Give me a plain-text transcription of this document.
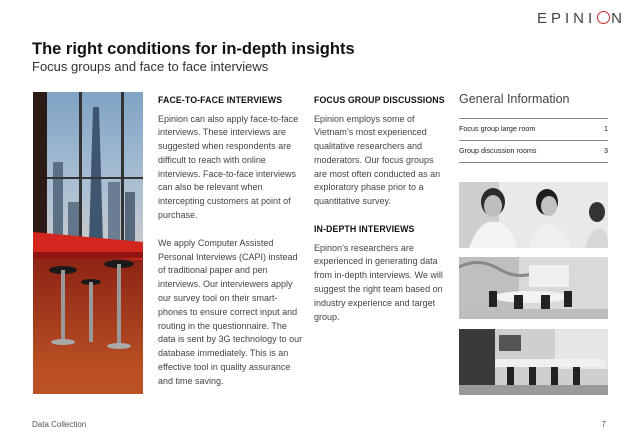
EPINI N
The right conditions for in-depth insights
Focus groups and face to face interviews
FACE-TO-FACE INTERVIEWS

Epinion can also apply face-to-face interviews. These interviews are suggested when respondents are difficult to reach with online interviews. Face-to-face interviews can also be relevant when intercepting customers at point of purchase.

We apply Computer Assisted Personal Interviews (CAPI) instead of traditional paper and pen interviews. Our interviewers apply our survey tool on their smart-phones to ensure correct input and routing in the questionnaire. The data is sent by 3G technology to our database immediately. This is an effective tool in quality assurance and time saving.

FOCUS GROUP DISCUSSIONS

Epinion employs some of Vietnam’s most experienced qualitative researchers and moderators. Our focus groups are most often conducted as an exploratory phase prior to a quantitative survey.

IN-DEPTH INTERVIEWS

Epinon’s researchers are experienced in generating data from in-depth interviews. We will suggest the right team based on industry experience and target group.

General Information
Focus group large room	1
Group discussion rooms	3
Data Collection	7
